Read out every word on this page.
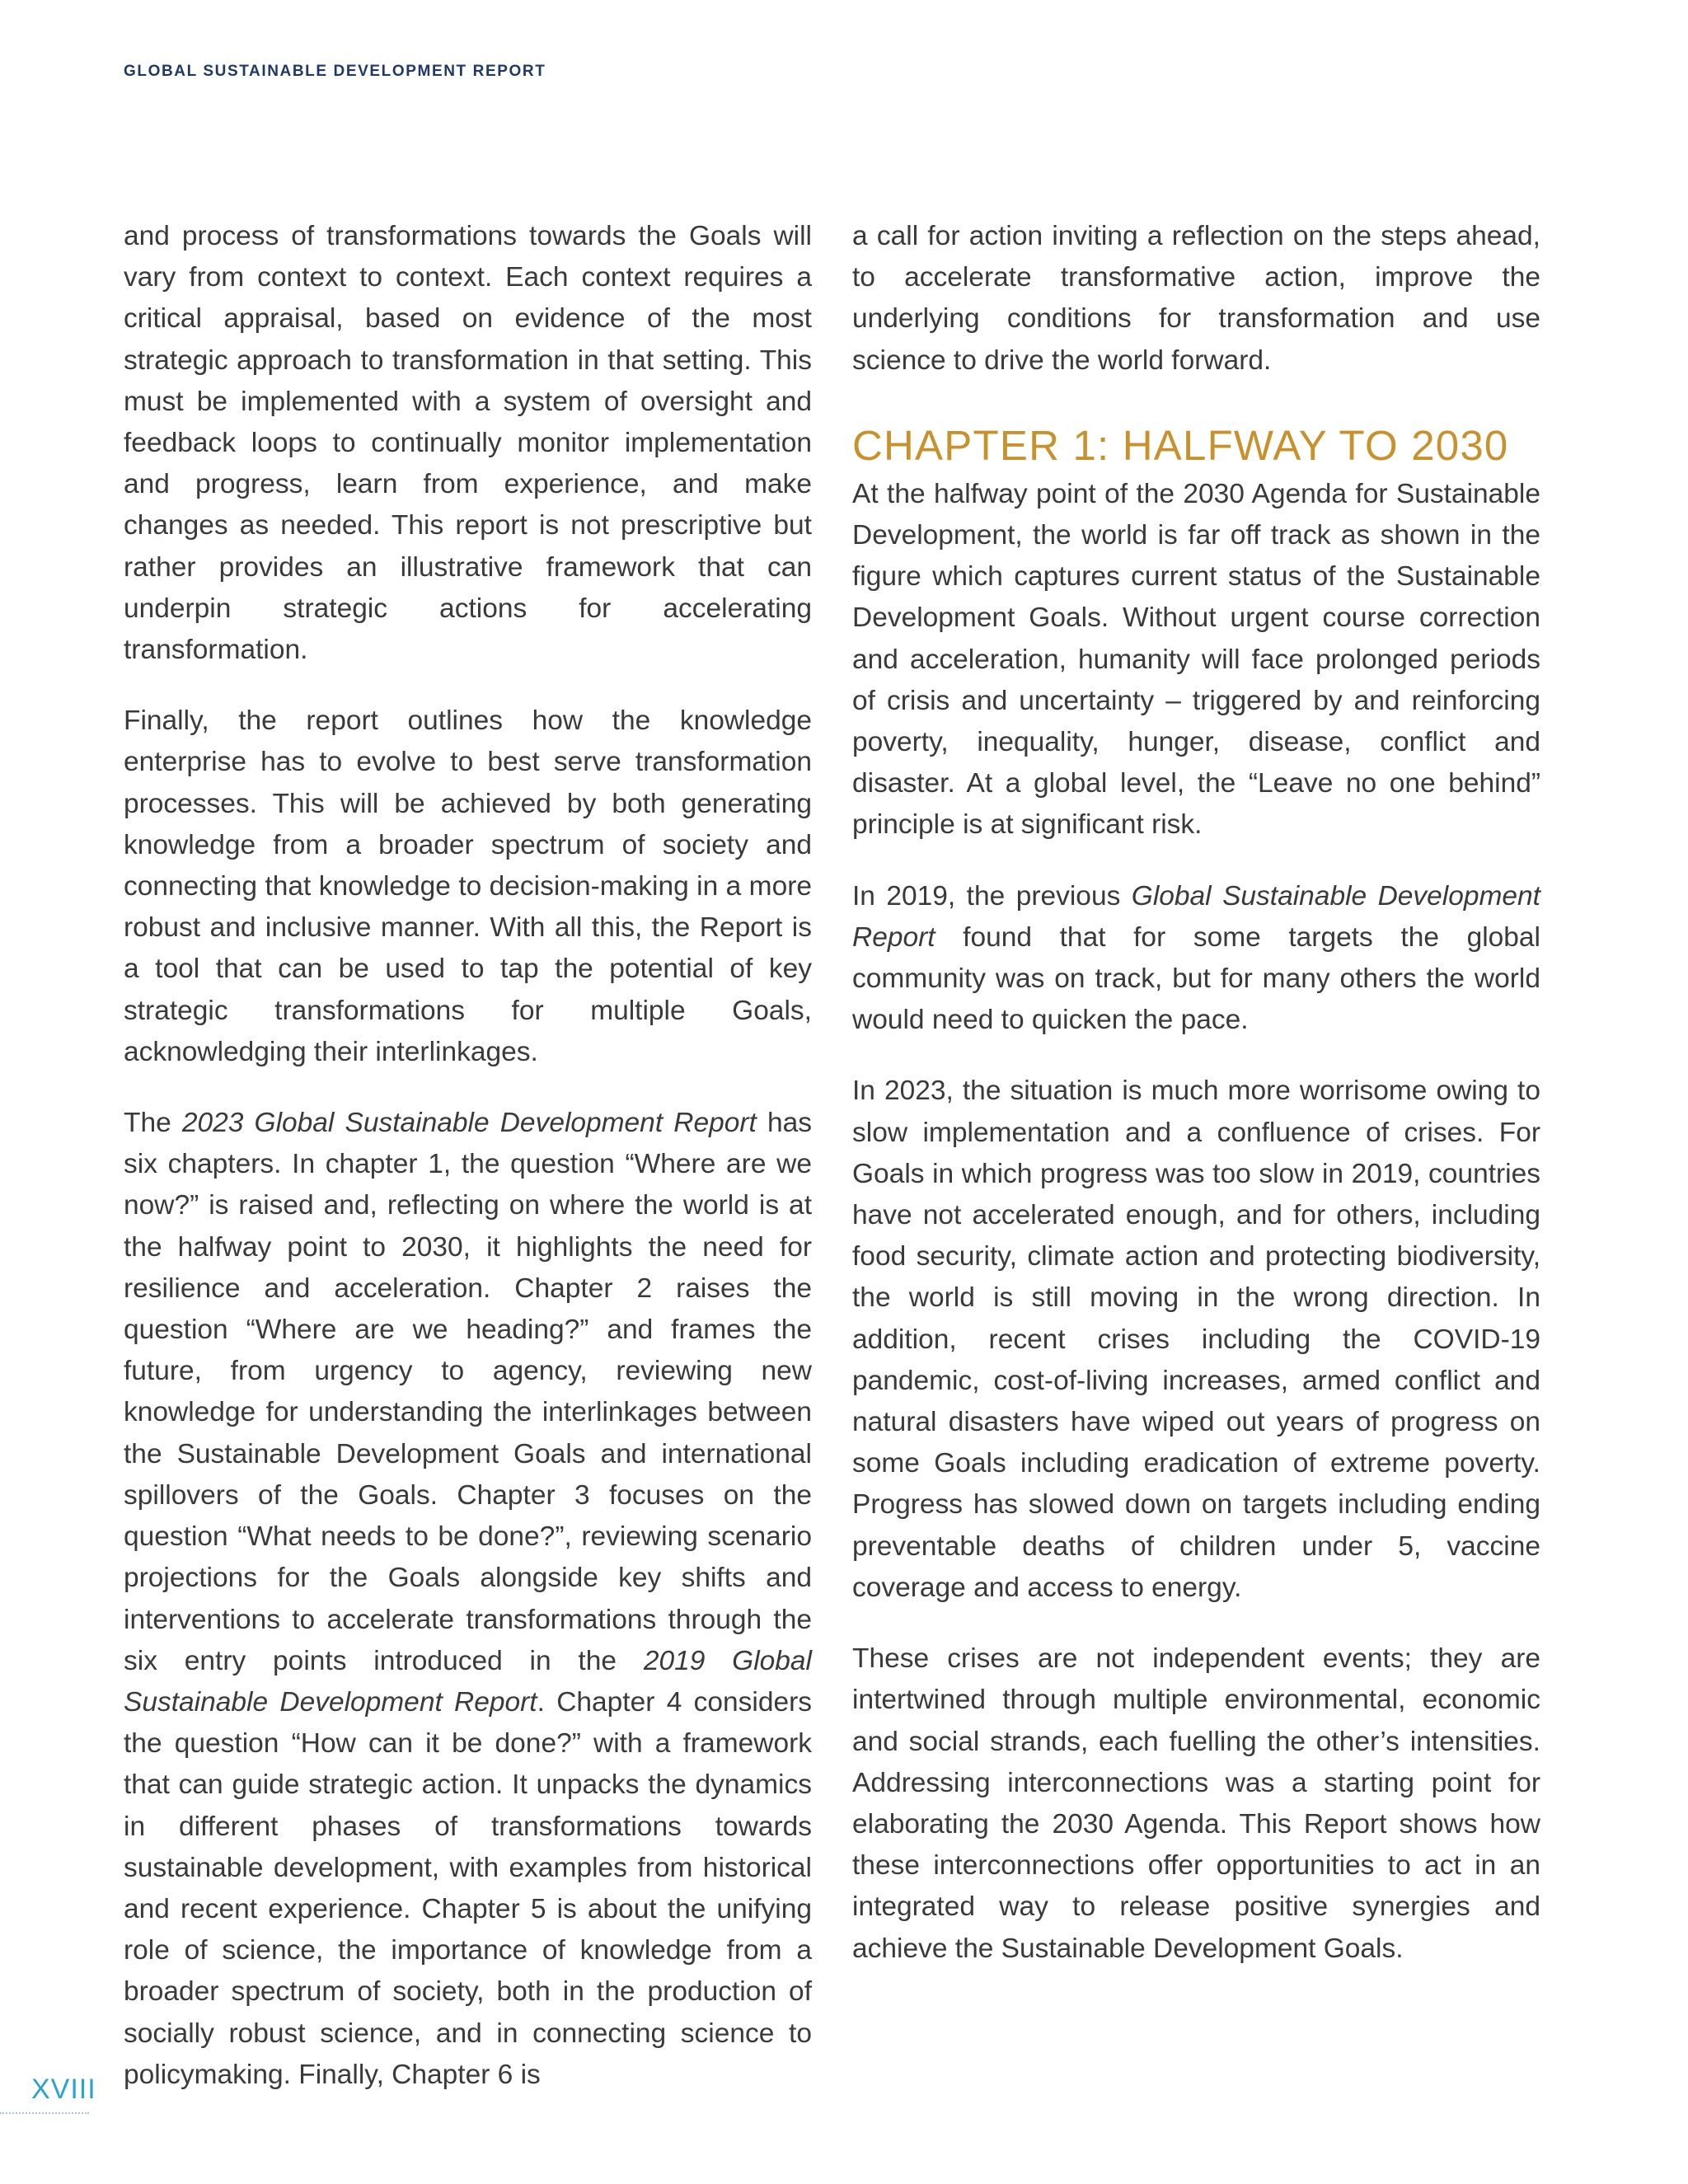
GLOBAL SUSTAINABLE DEVELOPMENT REPORT

and process of transformations towards the Goals will vary from context to context. Each context requires a critical appraisal, based on evidence of the most strategic approach to transformation in that setting. This must be implemented with a system of oversight and feedback loops to continually monitor implementation and progress, learn from experience, and make changes as needed. This report is not prescriptive but rather provides an illustrative framework that can underpin strategic actions for accelerating transformation.

Finally, the report outlines how the knowledge enterprise has to evolve to best serve transformation processes. This will be achieved by both generating knowledge from a broader spectrum of society and connecting that knowledge to decision-making in a more robust and inclusive manner. With all this, the Report is a tool that can be used to tap the potential of key strategic transformations for multiple Goals, acknowledging their interlinkages.

The 2023 Global Sustainable Development Report has six chapters. In chapter 1, the question “Where are we now?” is raised and, reflecting on where the world is at the halfway point to 2030, it highlights the need for resilience and acceleration. Chapter 2 raises the question “Where are we heading?” and frames the future, from urgency to agency, reviewing new knowledge for understanding the interlinkages between the Sustainable Development Goals and international spillovers of the Goals. Chapter 3 focuses on the question “What needs to be done?”, reviewing scenario projections for the Goals alongside key shifts and interventions to accelerate transformations through the six entry points introduced in the 2019 Global Sustainable Development Report. Chapter 4 considers the question “How can it be done?” with a framework that can guide strategic action. It unpacks the dynamics in different phases of transformations towards sustainable development, with examples from historical and recent experience. Chapter 5 is about the unifying role of science, the importance of knowledge from a broader spectrum of society, both in the production of socially robust science, and in connecting science to policymaking. Finally, Chapter 6 is

a call for action inviting a reflection on the steps ahead, to accelerate transformative action, improve the underlying conditions for transformation and use science to drive the world forward.

CHAPTER 1: HALFWAY TO 2030

At the halfway point of the 2030 Agenda for Sustainable Development, the world is far off track as shown in the figure which captures current status of the Sustainable Development Goals. Without urgent course correction and acceleration, humanity will face prolonged periods of crisis and uncertainty – triggered by and reinforcing poverty, inequality, hunger, disease, conflict and disaster. At a global level, the “Leave no one behind” principle is at significant risk.

In 2019, the previous Global Sustainable Development Report found that for some targets the global community was on track, but for many others the world would need to quicken the pace.

In 2023, the situation is much more worrisome owing to slow implementation and a confluence of crises. For Goals in which progress was too slow in 2019, countries have not accelerated enough, and for others, including food security, climate action and protecting biodiversity, the world is still moving in the wrong direction. In addition, recent crises including the COVID-19 pandemic, cost-of-living increases, armed conflict and natural disasters have wiped out years of progress on some Goals including eradication of extreme poverty. Progress has slowed down on targets including ending preventable deaths of children under 5, vaccine coverage and access to energy.

These crises are not independent events; they are intertwined through multiple environmental, economic and social strands, each fuelling the other’s intensities. Addressing interconnections was a starting point for elaborating the 2030 Agenda. This Report shows how these interconnections offer opportunities to act in an integrated way to release positive synergies and achieve the Sustainable Development Goals.

XVIII
